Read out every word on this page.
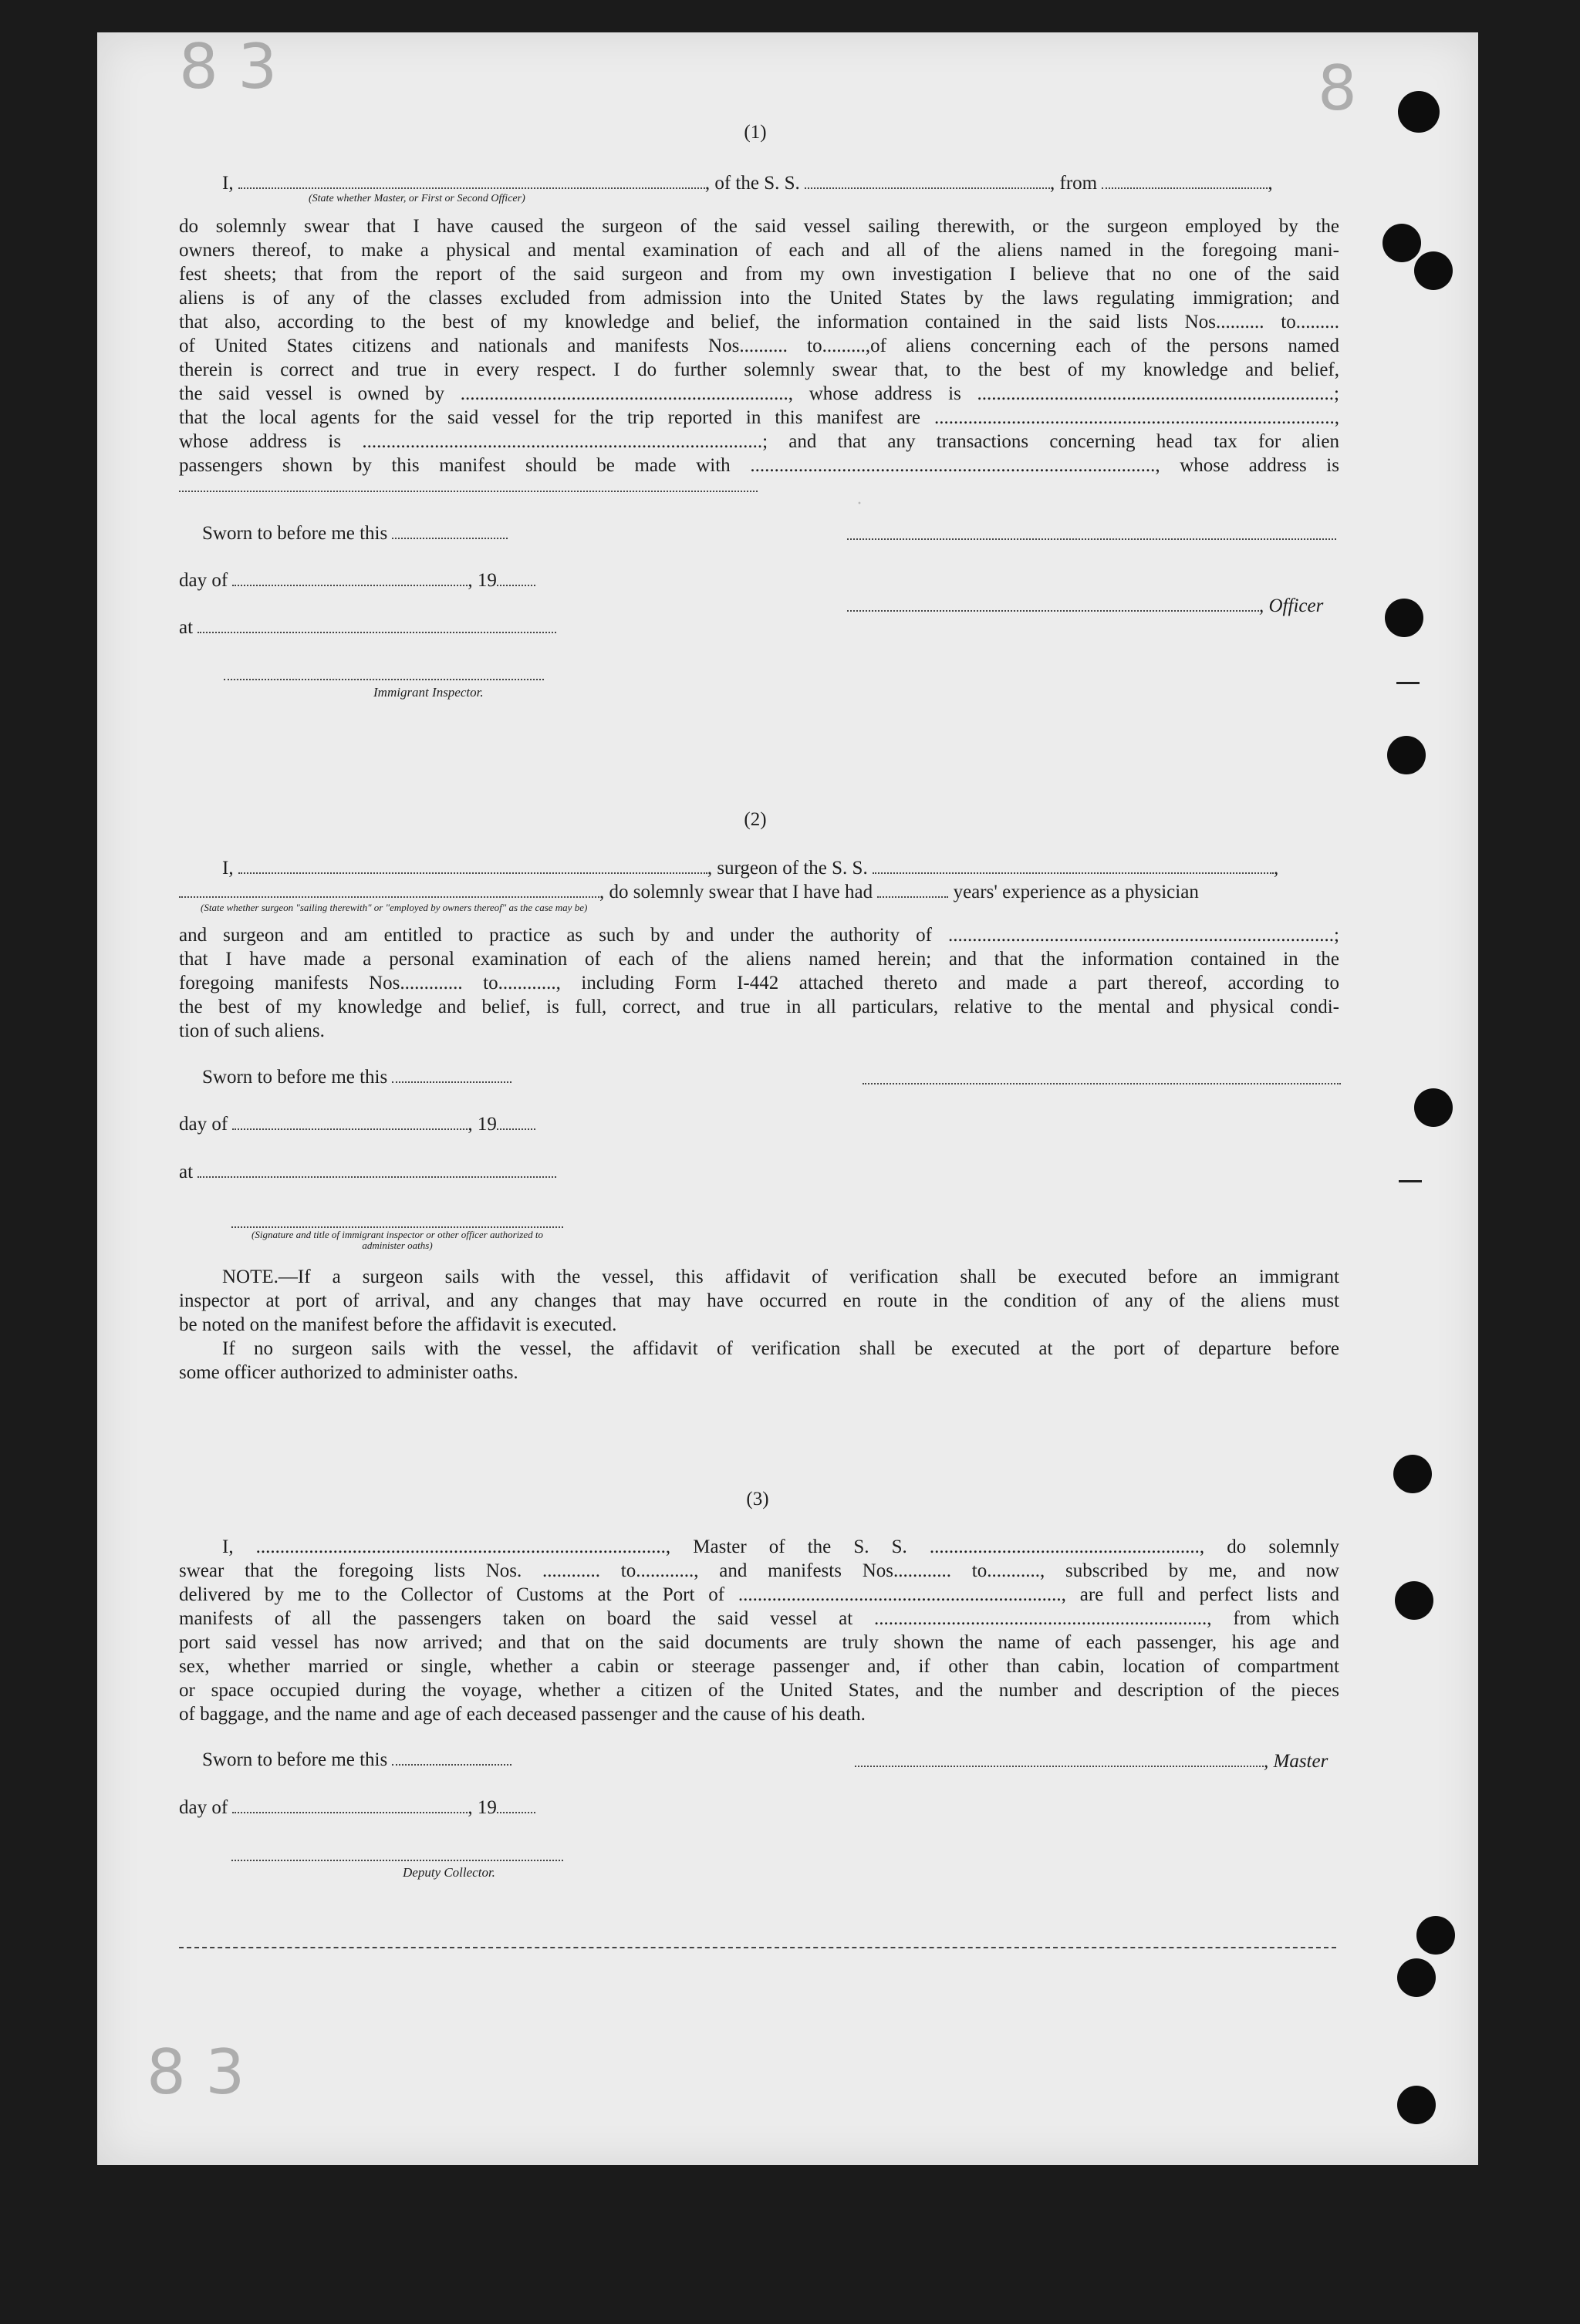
8 3	8
8 3
·
(1)
I,	, of the S. S.	, from	,
(State whether Master, or First or Second Officer)
do solemnly swear that I have caused the surgeon of the said vessel sailing therewith, or the surgeon employed by the
owners thereof, to make a physical and mental examination of each and all of the aliens named in the foregoing mani-
fest sheets; that from the report of the said surgeon and from my own investigation I believe that no one of the said
aliens is of any of the classes excluded from admission into the United States by the laws regulating immigration; and
that also, according to the best of my knowledge and belief, the information contained in the said lists Nos.......... to.........
of United States citizens and nationals and manifests Nos.......... to.........,of aliens concerning each of the persons named
therein is correct and true in every respect. I do further solemnly swear that, to the best of my knowledge and belief,
the said vessel is owned by ...................................................................., whose address is ..........................................................................;
that the local agents for the said vessel for the trip reported in this manifest are ...................................................................................,
whose address is ...................................................................................; and that any transactions concerning head tax for alien
passengers shown by this manifest should be made with ...................................................................................., whose address is
Sworn to before me this
day of	, 19
, Officer
at
Immigrant Inspector.
(2)
I,	, surgeon of the S. S.	,
, do solemnly swear that I have had	years' experience as a physician
(State whether surgeon "sailing therewith" or "employed by owners thereof" as the case may be)
and surgeon and am entitled to practice as such by and under the authority of ................................................................................;
that I have made a personal examination of each of the aliens named herein; and that the information contained in the
foregoing manifests Nos............. to............, including Form I-442 attached thereto and made a part thereof, according to
the best of my knowledge and belief, is full, correct, and true in all particulars, relative to the mental and physical condi-
tion of such aliens.
Sworn to before me this
day of	, 19
at
(Signature and title of immigrant inspector or other officer authorized to administer oaths)
NOTE.—If a surgeon sails with the vessel, this affidavit of verification shall be executed before an immigrant
inspector at port of arrival, and any changes that may have occurred en route in the condition of any of the aliens must
be noted on the manifest before the affidavit is executed.
If no surgeon sails with the vessel, the affidavit of verification shall be executed at the port of departure before
some officer authorized to administer oaths.
(3)
I, ....................................................................................., Master of the S. S. ........................................................, do solemnly
swear that the foregoing lists Nos. ............ to............, and manifests Nos............ to..........., subscribed by me, and now
delivered by me to the Collector of Customs at the Port of ..................................................................., are full and perfect lists and
manifests of all the passengers taken on board the said vessel at ....................................................................., from which
port said vessel has now arrived; and that on the said documents are truly shown the name of each passenger, his age and
sex, whether married or single, whether a cabin or steerage passenger and, if other than cabin, location of compartment
or space occupied during the voyage, whether a citizen of the United States, and the number and description of the pieces
of baggage, and the name and age of each deceased passenger and the cause of his death.
Sworn to before me this	, Master
day of	, 19
Deputy Collector.
